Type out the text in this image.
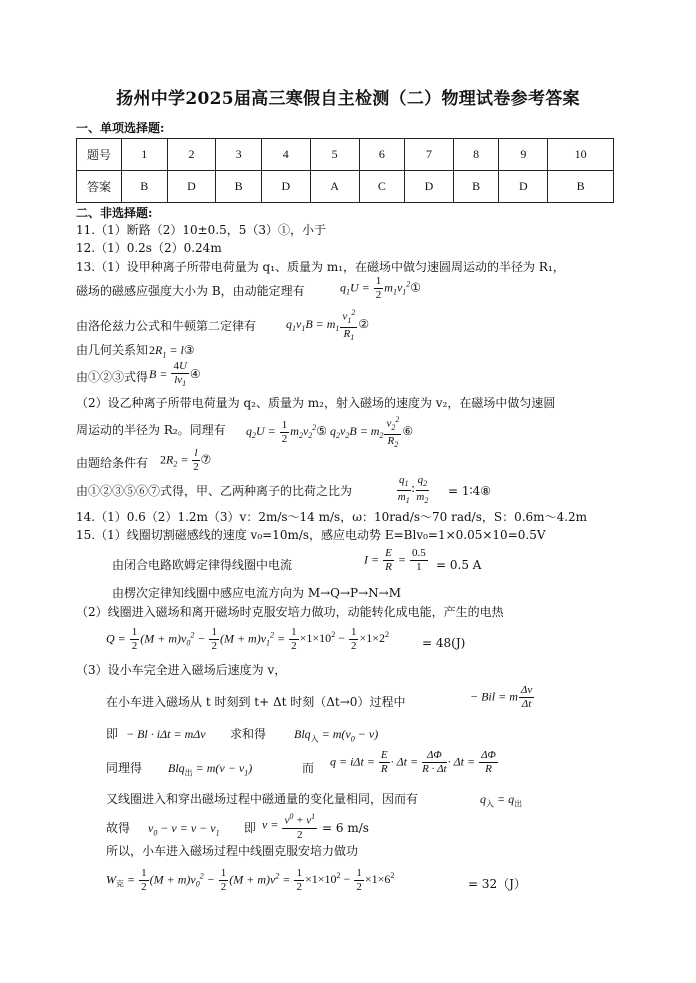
扬州中学2025届高三寒假自主检测（二）物理试卷参考答案
一、单项选择题:
题号	1	2	3	4	5	6	7	8	9	10
答案	B	D	B	D	A	C	D	B	D	B
二、非选择题:
11.（1）断路（2）10±0.5，5（3）①，小于
12.（1）0.2s（2）0.24m
13.（1）设甲种离子所带电荷量为 q₁、质量为 m₁，在磁场中做匀速圆周运动的半径为 R₁，
磁场的磁感应强度大小为 B，由动能定理有	$q_1U = \frac{1}{2}$ $m_1v_1^2①$
由洛伦兹力公式和牛顿第二定律有 $q_1v_1B = m_1 \frac{v_1^2}{R_1}$ ②
由几何关系知 $2R_1$ = l③
由①②③式得 $B = \frac{4U}{lv_1}$ ④
（2）设乙种离子所带电荷量为 q₂、质量为 m₂，射入磁场的速度为 v₂，在磁场中做匀速圆
周运动的半径为 R₂。同理有 $q_2U = \frac{1}{2}$ $m_2v_2^2⑤$ $q_2v_2B = m_2 \frac{v_2^2}{R_2}$ ⑥
由题给条件有 $2R_2 = \frac{l}{2}$ ⑦
由①②③⑤⑥⑦式得，甲、乙两种离子的比荷之比为	$\frac{q_1}{m_1}$ ∶ $\frac{q_2}{m_2}$ = 1∶4⑧
14.（1）0.6（2）1.2m（3）v：2m/s～14 m/s，ω：10rad/s～70 rad/s，S：0.6m～4.2m
15.（1）线圈切割磁感线的速度 v₀=10m/s，感应电动势 E=Blv₀=1×0.05×10=0.5V
由闭合电路欧姆定律得线圈中电流	$I = \frac{E}{R} = \frac{0.5}{1} = 0.5$ A
由楞次定律知线圈中感应电流方向为 M→Q→P→N→M
（2）线圈进入磁场和离开磁场时克服安培力做功，动能转化成电能，产生的电热
$Q = \frac{1}{2} (M + m)v_0^2 - \frac{1}{2} (M + m)v_1^2 = \frac{1}{2} \times 1\times 10^2 - \frac{1}{2} \times 1\times 2^2$
= 48(J)
（3）设小车完全进入磁场后速度为 v，
在小车进入磁场从 t 时刻到 t+ Δt 时刻（Δt→0）过程中	− Bil = m $\frac{\Delta v}{\Delta t}$
即 − Bl · iΔt = mΔv 求和得 $Blq_入 = m(v_0 - v)$
同理得 $Blq_出 = m(v - v_1)$	而 $q = i\Delta t = \frac{E}{R} \cdot \Delta t = \frac{\Delta\Phi}{R \cdot \Delta t} \cdot \Delta t = \frac{\Delta\Phi}{R}$
又线圈进入和穿出磁场过程中磁通量的变化量相同，因而有	$q_入 = q_出$
故得 $v_0 - v = v - v_1$ 即 $v = \frac{v^0 + v^1}{2} = 6$ m/s
所以，小车进入磁场过程中线圈克服安培力做功
$W_克 = \frac{1}{2} (M + m)v_0^2 - \frac{1}{2} (M + m)v^2 = \frac{1}{2} \times 1\times 10^2 - \frac{1}{2} \times 1\times 6^2$
= 32（J）
